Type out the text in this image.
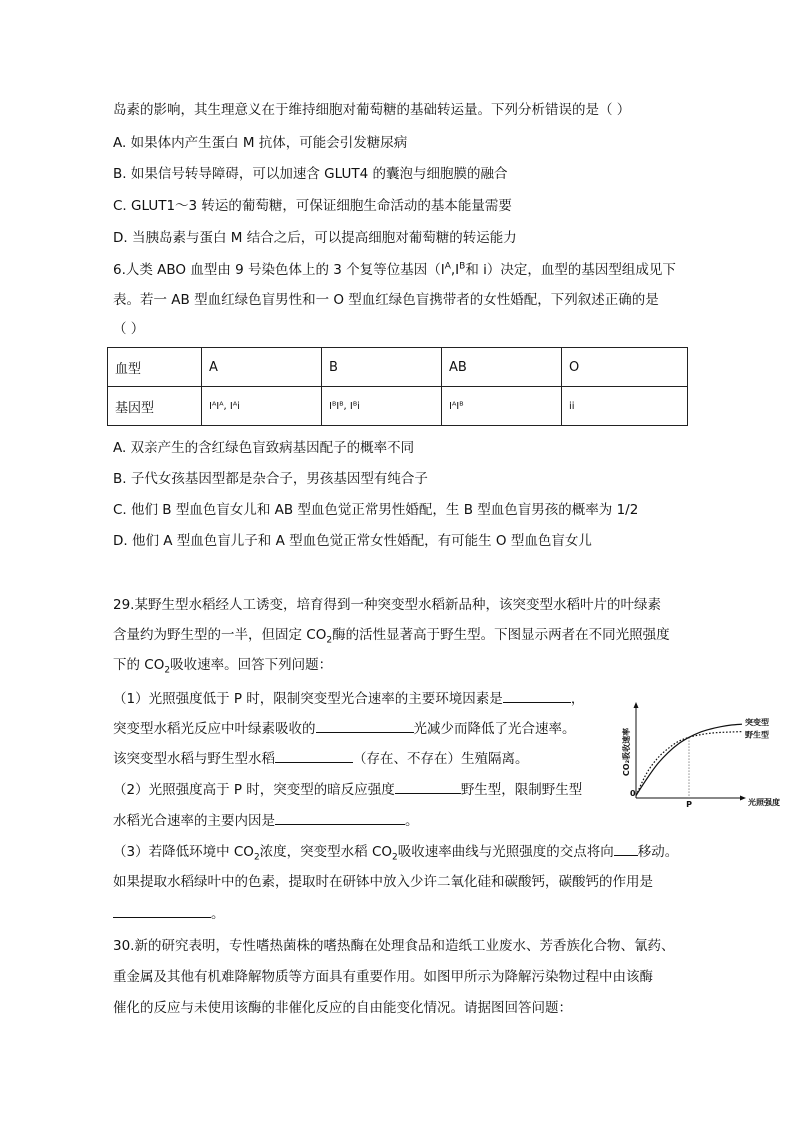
岛素的影响，其生理意义在于维持细胞对葡萄糖的基础转运量。下列分析错误的是（ ）
A. 如果体内产生蛋白 M 抗体，可能会引发糖尿病
B. 如果信号转导障碍，可以加速含 GLUT4 的囊泡与细胞膜的融合
C. GLUT1～3 转运的葡萄糖，可保证细胞生命活动的基本能量需要
D. 当胰岛素与蛋白 M 结合之后，可以提高细胞对葡萄糖的转运能力
6.人类 ABO 血型由 9 号染色体上的 3 个复等位基因（$I^A,I^B$和 i）决定，血型的基因型组成见下
表。若一 AB 型血红绿色盲男性和一 O 型血红绿色盲携带者的女性婚配，下列叙述正确的是
（ ）
血型	A	B	AB	O
基因型	IᴬIᴬ, Iᴬi	IᴮIᴮ, Iᴮi	IᴬIᴮ	ii
A. 双亲产生的含红绿色盲致病基因配子的概率不同
B. 子代女孩基因型都是杂合子，男孩基因型有纯合子
C. 他们 B 型血色盲女儿和 AB 型血色觉正常男性婚配，生 B 型血色盲男孩的概率为 1/2
D. 他们 A 型血色盲儿子和 A 型血色觉正常女性婚配，有可能生 O 型血色盲女儿
29.某野生型水稻经人工诱变，培育得到一种突变型水稻新品种，该突变型水稻叶片的叶绿素
含量约为野生型的一半，但固定 $CO_2$酶的活性显著高于野生型。下图显示两者在不同光照强度
下的 $CO_2$吸收速率。回答下列问题：
（1）光照强度低于 P 时，限制突变型光合速率的主要环境因素是	，
突变型水稻光反应中叶绿素吸收的	光减少而降低了光合速率。
该突变型水稻与野生型水稻	（存在、不存在）生殖隔离。
（2）光照强度高于 P 时，突变型的暗反应强度	野生型，限制野生型
水稻光合速率的主要内因是	。
（3）若降低环境中 $CO_2$浓度，突变型水稻 $CO_2$吸收速率曲线与光照强度的交点将向 移动。
如果提取水稻绿叶中的色素，提取时在研钵中放入少许二氧化硅和碳酸钙，碳酸钙的作用是
。
30.新的研究表明，专性嗜热菌株的嗜热酶在处理食品和造纸工业废水、芳香族化合物、氰药、
重金属及其他有机难降解物质等方面具有重要作用。如图甲所示为降解污染物过程中由该酶
催化的反应与未使用该酶的非催化反应的自由能变化情况。请据图回答问题：
CO₂吸收速率
0
光照强度
P
突变型
野生型
